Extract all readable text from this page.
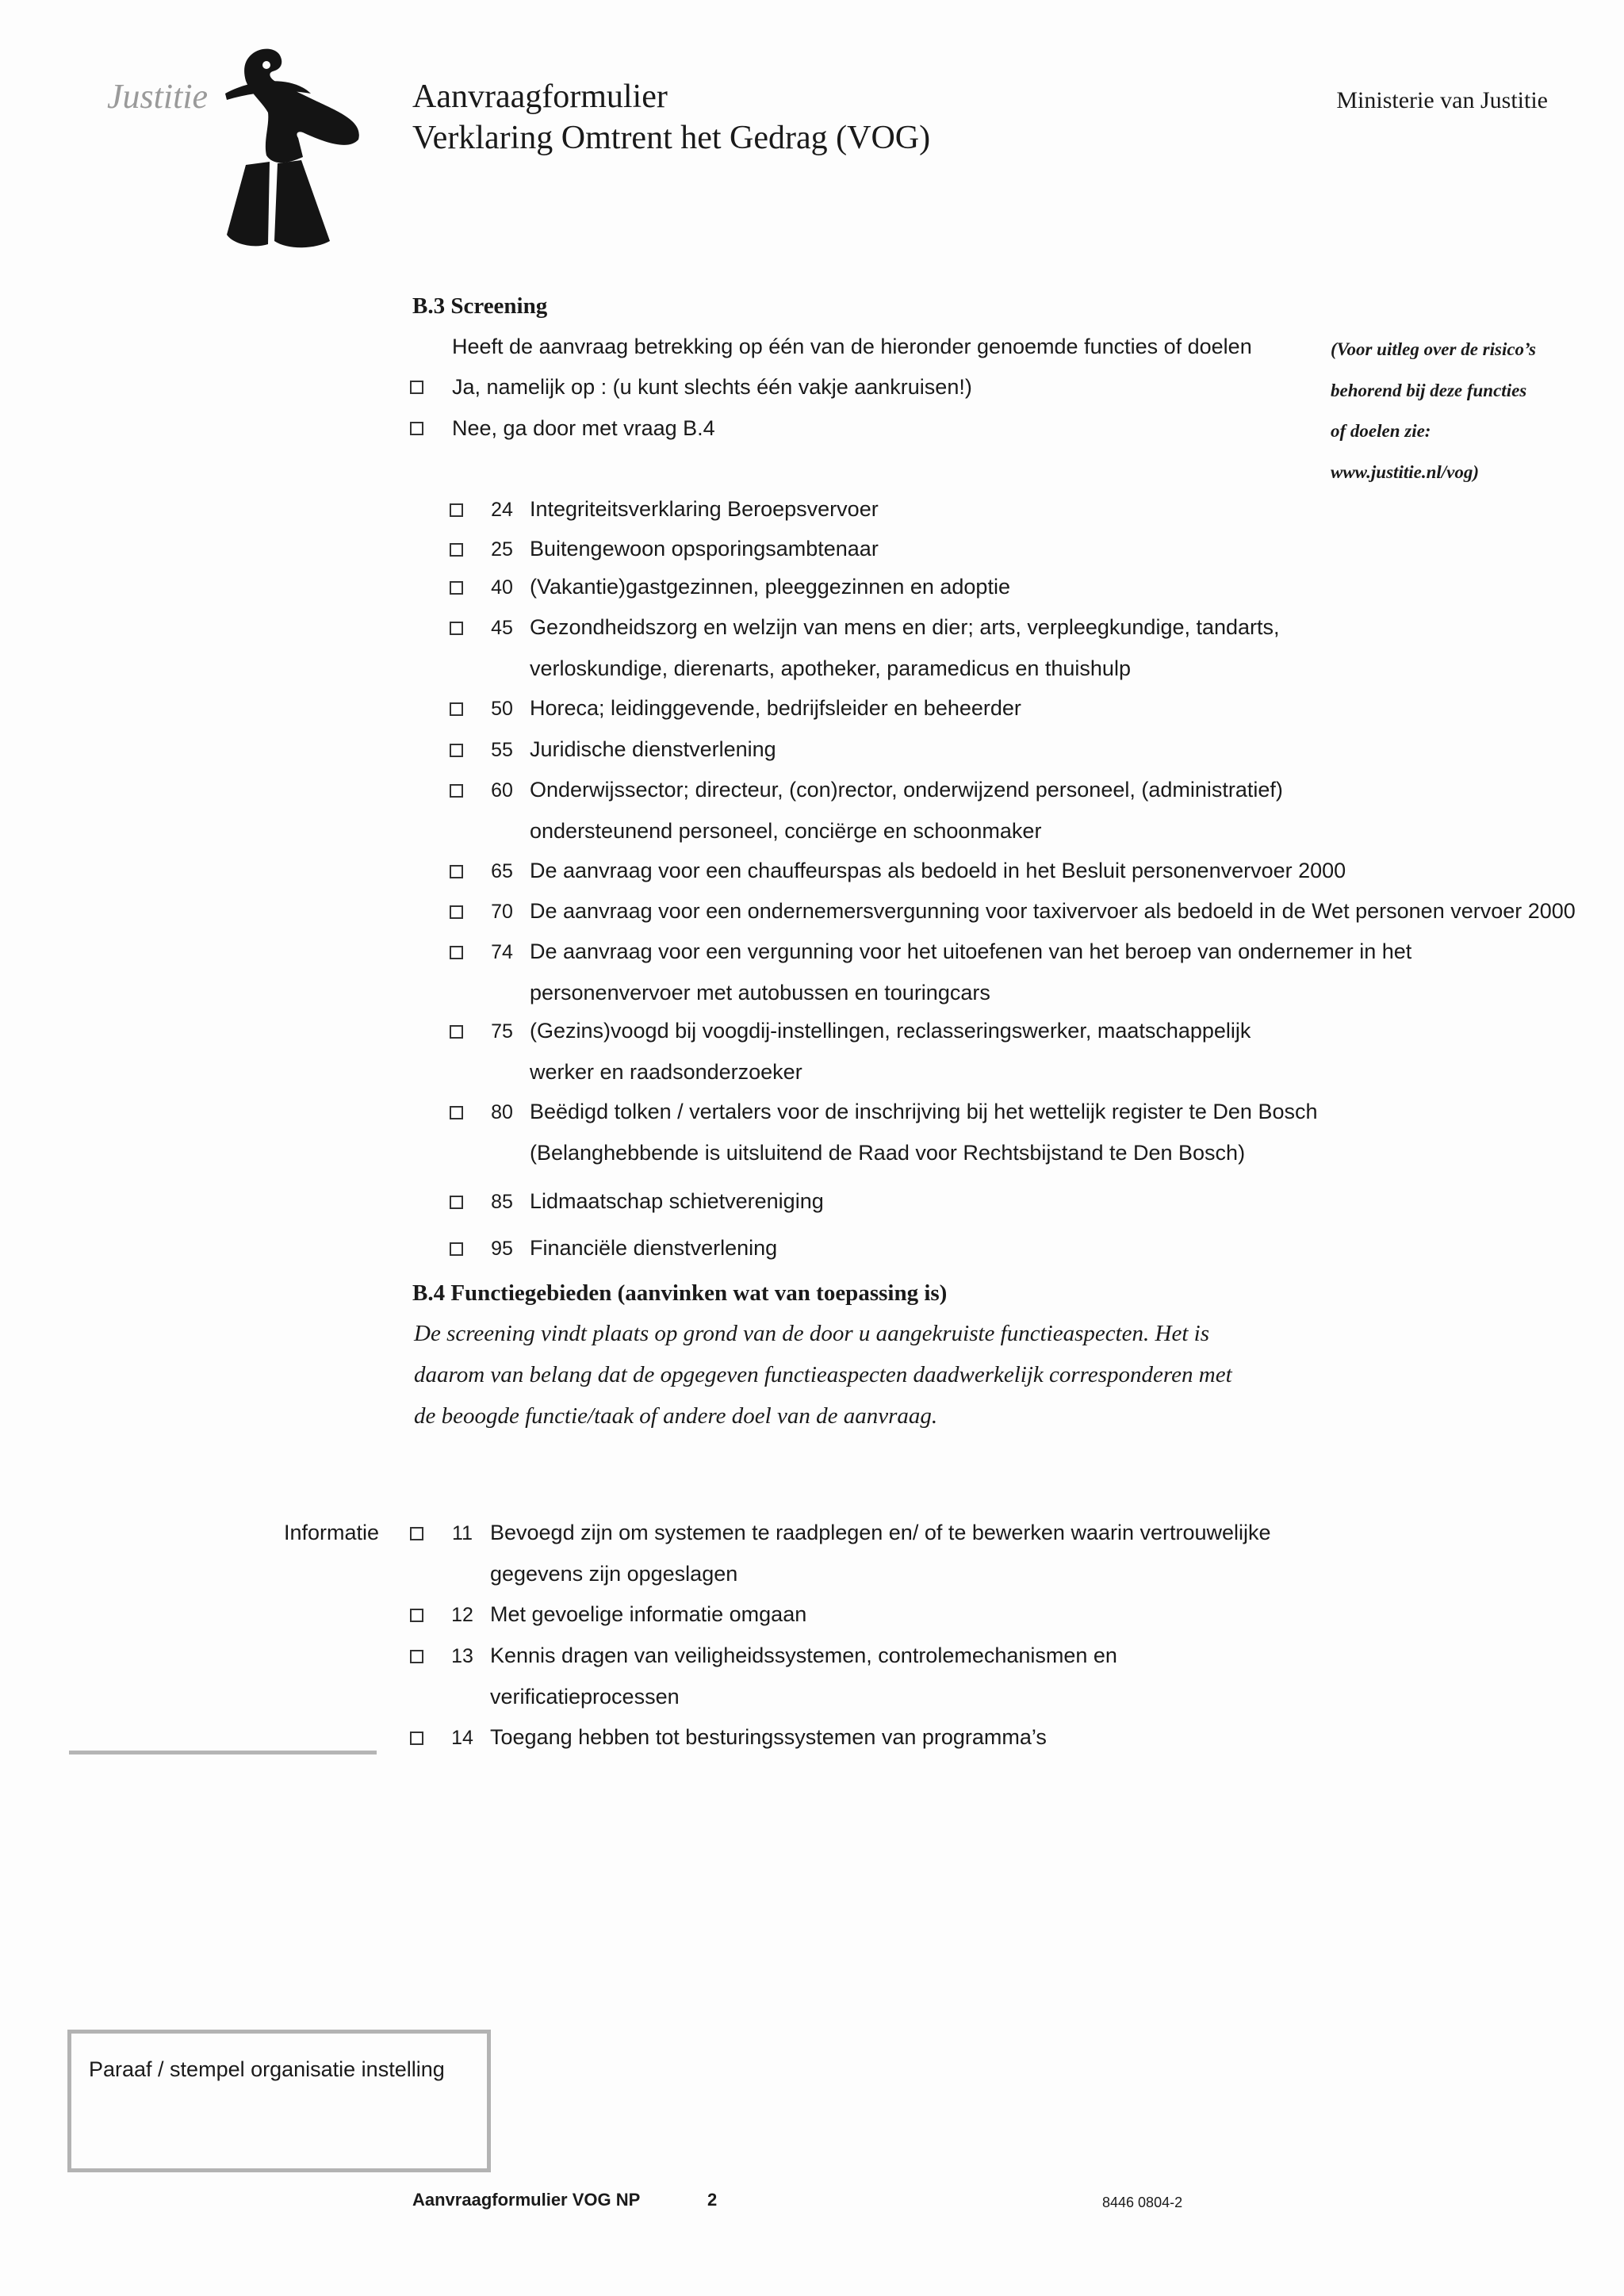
Justitie	Aanvraagformulier
Verklaring Omtrent het Gedrag (VOG)
Ministerie van Justitie
B.3 Screening
Heeft de aanvraag betrekking op één van de hieronder genoemde functies of doelen
Ja, namelijk op : (u kunt slechts één vakje aankruisen!)
Nee, ga door met vraag B.4
(Voor uitleg over de risico’s
behorend bij deze functies
of doelen zie:
www.justitie.nl/vog)
24 Integriteitsverklaring Beroepsvervoer
25 Buitengewoon opsporingsambtenaar
40 (Vakantie)gastgezinnen, pleeggezinnen en adoptie
45 Gezondheidszorg en welzijn van mens en dier; arts, verpleegkundige, tandarts,
verloskundige, dierenarts, apotheker, paramedicus en thuishulp
50 Horeca; leidinggevende, bedrijfsleider en beheerder
55 Juridische dienstverlening
60 Onderwijssector; directeur, (con)rector, onderwijzend personeel, (administratief)
ondersteunend personeel, conciërge en schoonmaker
65 De aanvraag voor een chauffeurspas als bedoeld in het Besluit personenvervoer 2000
70 De aanvraag voor een ondernemersvergunning voor taxivervoer als bedoeld in de Wet personen vervoer 2000
74 De aanvraag voor een vergunning voor het uitoefenen van het beroep van ondernemer in het
personenvervoer met autobussen en touringcars
75 (Gezins)voogd bij voogdij-instellingen, reclasseringswerker, maatschappelijk
werker en raadsonderzoeker
80 Beëdigd tolken / vertalers voor de inschrijving bij het wettelijk register te Den Bosch
(Belanghebbende is uitsluitend de Raad voor Rechtsbijstand te Den Bosch)
85 Lidmaatschap schietvereniging
95 Financiële dienstverlening
B.4 Functiegebieden (aanvinken wat van toepassing is)
De screening vindt plaats op grond van de door u aangekruiste functieaspecten. Het is
daarom van belang dat de opgegeven functieaspecten daadwerkelijk corresponderen met
de beoogde functie/taak of andere doel van de aanvraag.
Informatie	11 Bevoegd zijn om systemen te raadplegen en/ of te bewerken waarin vertrouwelijke
gegevens zijn opgeslagen
12 Met gevoelige informatie omgaan
13 Kennis dragen van veiligheidssystemen, controlemechanismen en
verificatieprocessen
14 Toegang hebben tot besturingssystemen van programma’s
Paraaf / stempel organisatie instelling
Aanvraagformulier VOG NP	2	8446 0804-2
